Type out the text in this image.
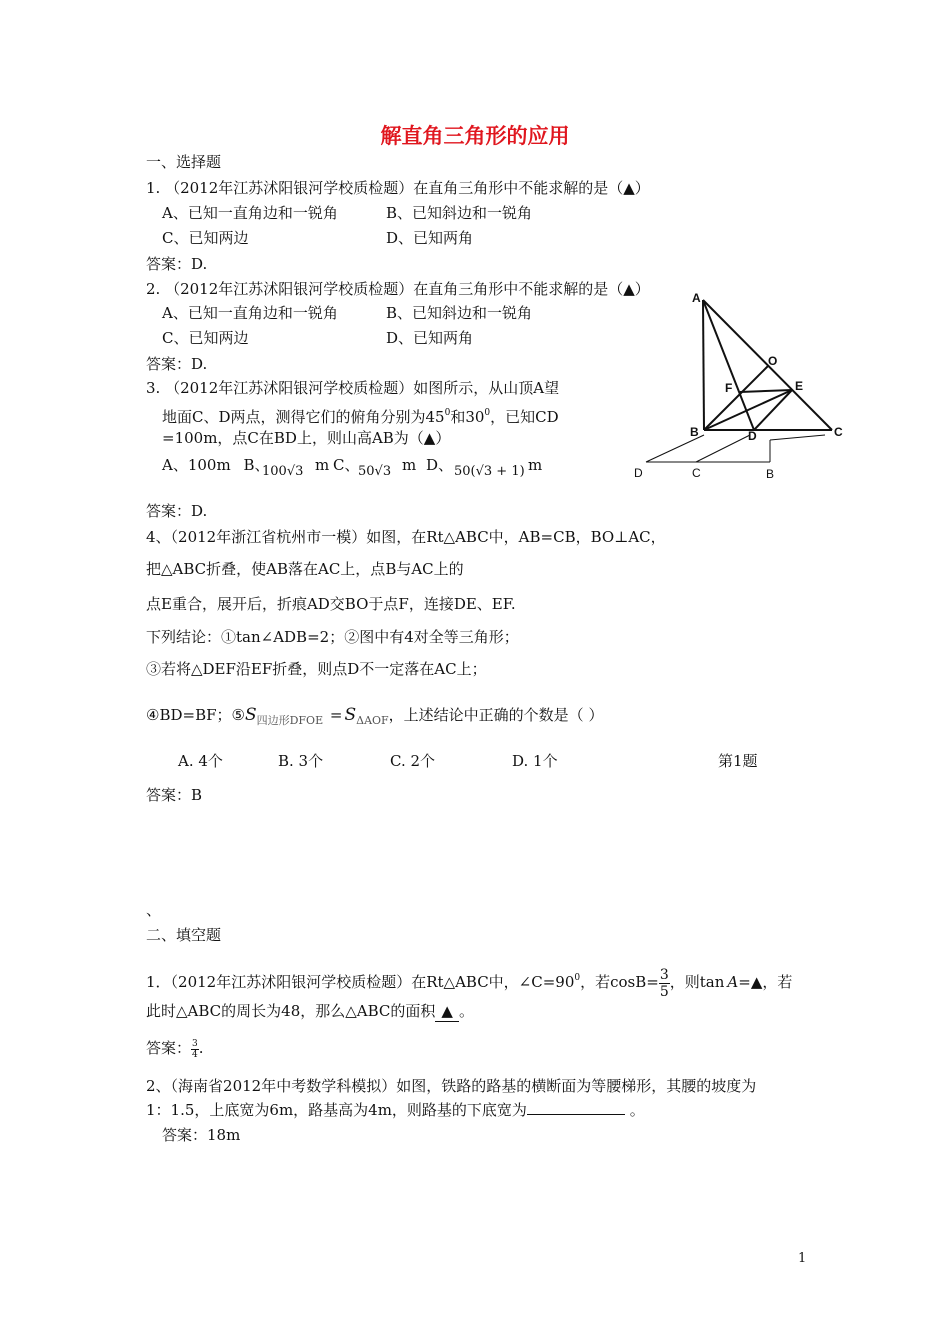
解直角三角形的应用
一、选择题
1. （2012年江苏沭阳银河学校质检题）在直角三角形中不能求解的是（▲）
A、已知一直角边和一锐角	B、已知斜边和一锐角
C、已知两边	D、已知两角
答案：D.
2. （2012年江苏沭阳银河学校质检题）在直角三角形中不能求解的是（▲）
A、已知一直角边和一锐角	B、已知斜边和一锐角
C、已知两边	D、已知两角
答案：D.
3. （2012年江苏沭阳银河学校质检题）如图所示，从山顶A望
地面C、D两点，测得它们的俯角分别为$45^0$和$30^0$，已知CD
=100m，点C在BD上，则山高AB为（▲）
A、100m B、
100√3 m C、
50√3 m D、 50(√3 + 1) m
答案：D.
A
O
F	E
B	D	C
D	C	B
4、（2012年浙江省杭州市一模）如图，在Rt△ABC中，AB=CB，BO⊥AC，
把△ABC折叠，使AB落在AC上，点B与AC上的
点E重合，展开后，折痕AD交BO于点F，连接DE、EF.
下列结论：①tan∠ADB=2；②图中有4对全等三角形；
③若将△DEF沿EF折叠，则点D不一定落在AC上；
④BD=BF；$⑤S_{四边形DFOE} = S_{\Delta AOF}$，上述结论中正确的个数是（ ）
A. 4个	B. 3个	C. 2个	D. 1个	第1题
答案：B
、
二、填空题
1．（2012年江苏沭阳银河学校质检题）在Rt△ABC中，$\angle C=90^0$，若$\cos B= \frac{3}{5}$ ，则tan A=▲，若
此时△ABC的周长为48，那么△ABC的面积 ▲ 。
答案： $\frac{3}{4}$ .
2、（海南省2012年中考数学科模拟）如图，铁路的路基的横断面为等腰梯形，其腰的坡度为
1：1.5，上底宽为6m，路基高为4m，则路基的下底宽为	。
答案：18m
1
